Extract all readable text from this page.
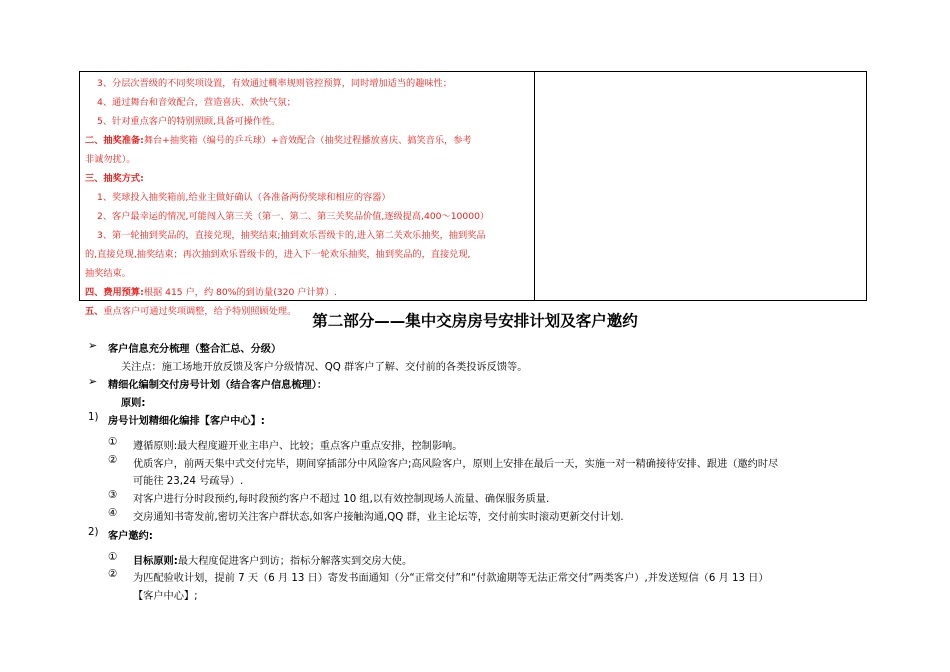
3、分层次晋级的不同奖项设置，有效通过概率规则管控预算，同时增加适当的趣味性；
4、通过舞台和音效配合，营造喜庆、欢快气氛；
5、针对重点客户的特别照顾,具备可操作性。
二、抽奖准备:舞台+抽奖箱（编号的乒乓球）+音效配合（抽奖过程播放喜庆、搞笑音乐，参考
非诚勿扰）。
三、抽奖方式:
1、奖球投入抽奖箱前,给业主做好确认（各准备两份奖球和相应的容器）
2、客户最幸运的情况,可能闯入第三关（第一、第二、第三关奖品价值,逐级提高,400～10000）
3、第一轮抽到奖品的，直接兑现，抽奖结束;抽到欢乐晋级卡的,进入第二关欢乐抽奖，抽到奖品
的,直接兑现,抽奖结束；再次抽到欢乐晋级卡的，进入下一轮欢乐抽奖，抽到奖品的，直接兑现,
抽奖结束。
四、费用预算:根据 415 户，约 80%的到访量(320 户计算）.
五、重点客户可通过奖项调整，给予特别照顾处理。
第二部分——集中交房房号安排计划及客户邀约
➢ 客户信息充分梳理（整合汇总、分级）
关注点：施工场地开放反馈及客户分级情况、QQ 群客户了解、交付前的各类投诉反馈等。
➢ 精细化编制交付房号计划（结合客户信息梳理）：
原则:
1) 房号计划精细化编排【客户中心】:
① 遵循原则:最大程度避开业主串户、比较；重点客户重点安排，控制影响。
② 优质客户，前两天集中式交付完毕，期间穿插部分中风险客户;高风险客户，原则上安排在最后一天，实施一对一精确接待安排、跟进（邀约时尽
可能往 23,24 号疏导）.
③ 对客户进行分时段预约,每时段预约客户不超过 10 组,以有效控制现场人流量、确保服务质量.
④ 交房通知书寄发前,密切关注客户群状态,如客户接触沟通,QQ 群，业主论坛等，交付前实时滚动更新交付计划.
2) 客户邀约:
① 目标原则:最大程度促进客户到访；指标分解落实到交房大使。
② 为匹配验收计划，提前 7 天（6 月 13 日）寄发书面通知（分“正常交付”和“付款逾期等无法正常交付”两类客户）,并发送短信（6 月 13 日）
【客户中心】;
